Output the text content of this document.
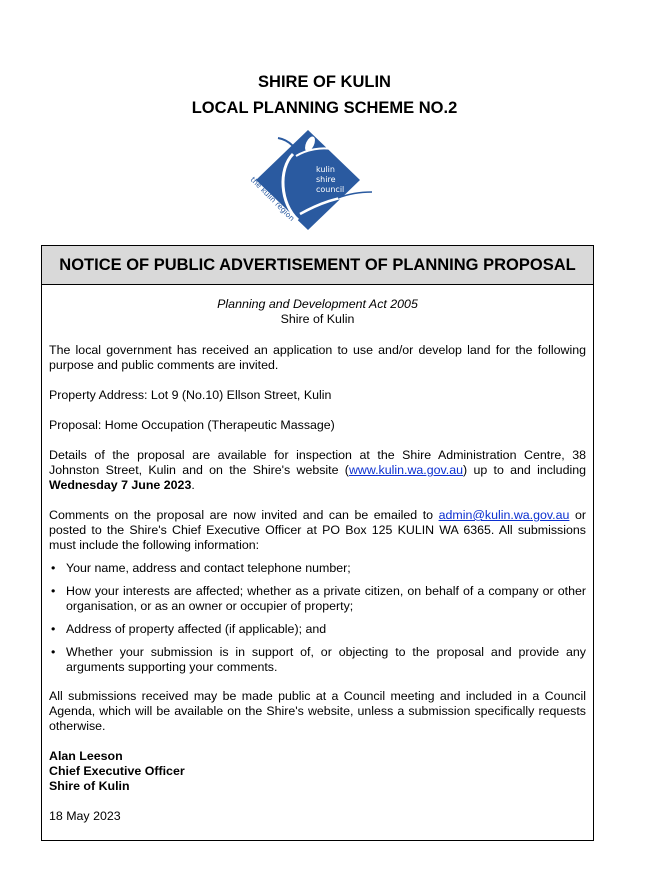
SHIRE OF KULIN
LOCAL PLANNING SCHEME NO.2
kulin
shire
council
the kulin region
NOTICE OF PUBLIC ADVERTISEMENT OF PLANNING PROPOSAL
Planning and Development Act 2005
Shire of Kulin

The local government has received an application to use and/or develop land for the following purpose and public comments are invited.

Property Address: Lot 9 (No.10) Ellson Street, Kulin

Proposal: Home Occupation (Therapeutic Massage)

Details of the proposal are available for inspection at the Shire Administration Centre, 38 Johnston Street, Kulin and on the Shire's website (www.kulin.wa.gov.au) up to and including Wednesday 7 June 2023.

Comments on the proposal are now invited and can be emailed to admin@kulin.wa.gov.au or posted to the Shire's Chief Executive Officer at PO Box 125 KULIN WA 6365. All submissions must include the following information:

• Your name, address and contact telephone number;
• How your interests are affected; whether as a private citizen, on behalf of a company or other organisation, or as an owner or occupier of property;
• Address of property affected (if applicable); and
• Whether your submission is in support of, or objecting to the proposal and provide any arguments supporting your comments.

All submissions received may be made public at a Council meeting and included in a Council Agenda, which will be available on the Shire's website, unless a submission specifically requests otherwise.

Alan Leeson
Chief Executive Officer
Shire of Kulin
18 May 2023
